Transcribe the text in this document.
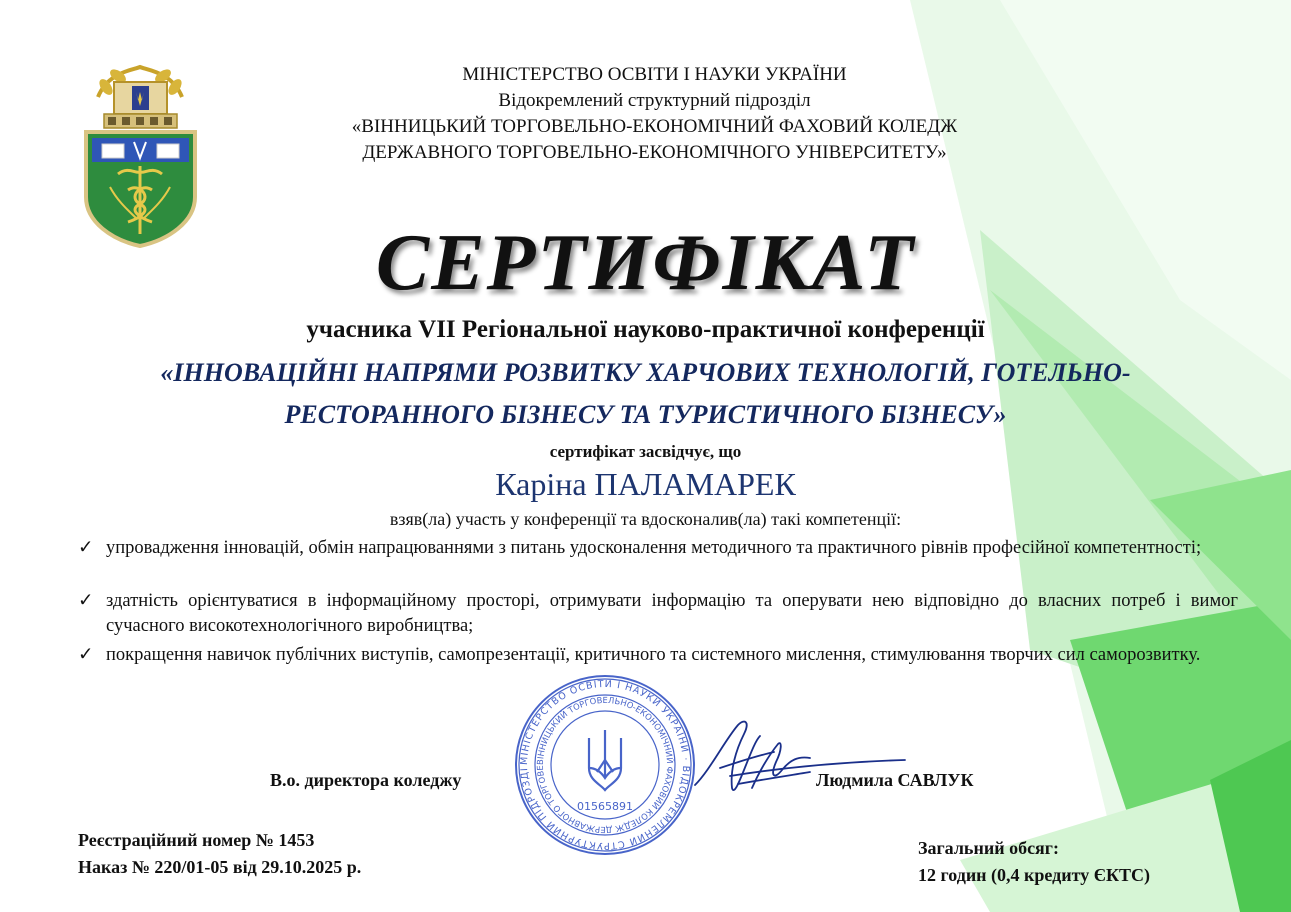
МІНІСТЕРСТВО ОСВІТИ І НАУКИ УКРАЇНИ
Відокремлений структурний підрозділ
«ВІННИЦЬКИЙ ТОРГОВЕЛЬНО-ЕКОНОМІЧНИЙ ФАХОВИЙ КОЛЕДЖ
ДЕРЖАВНОГО ТОРГОВЕЛЬНО-ЕКОНОМІЧНОГО УНІВЕРСИТЕТУ»
СЕРТИФІКАТ
учасника VII Регіональної науково-практичної конференції
«ІННОВАЦІЙНІ НАПРЯМИ РОЗВИТКУ ХАРЧОВИХ ТЕХНОЛОГІЙ, ГОТЕЛЬНО-
РЕСТОРАННОГО БІЗНЕСУ ТА ТУРИСТИЧНОГО БІЗНЕСУ»
сертифікат засвідчує, що
Каріна ПАЛАМАРЕК
взяв(ла) участь у конференції та вдосконалив(ла) такі компетенції:
✓ упровадження інновацій, обмін напрацюваннями з питань удосконалення методичного та практичного рівнів професійної компетентності;
✓ здатність орієнтуватися в інформаційному просторі, отримувати інформацію та оперувати нею відповідно до власних потреб і вимог сучасного високотехнологічного виробництва;
✓ покращення навичок публічних виступів, самопрезентації, критичного та системного мислення, стимулювання творчих сил саморозвитку.
В.о. директора коледжу	Людмила САВЛУК
МІНІСТЕРСТВО ОСВІТИ І НАУКИ УКРАЇНИ · ВІДОКРЕМЛЕНИЙ СТРУКТУРНИЙ ПІДРОЗДІ
ВІННИЦЬКИЙ ТОРГОВЕЛЬНО-ЕКОНОМІЧНИЙ ФАХОВИЙ КОЛЕДЖ ДЕРЖАВНОГО ТОРГОВЕ
01565891
Реєстраційний номер № 1453
Наказ № 220/01-05 від 29.10.2025 р.
Загальний обсяг:
12 годин (0,4 кредиту ЄКТС)
